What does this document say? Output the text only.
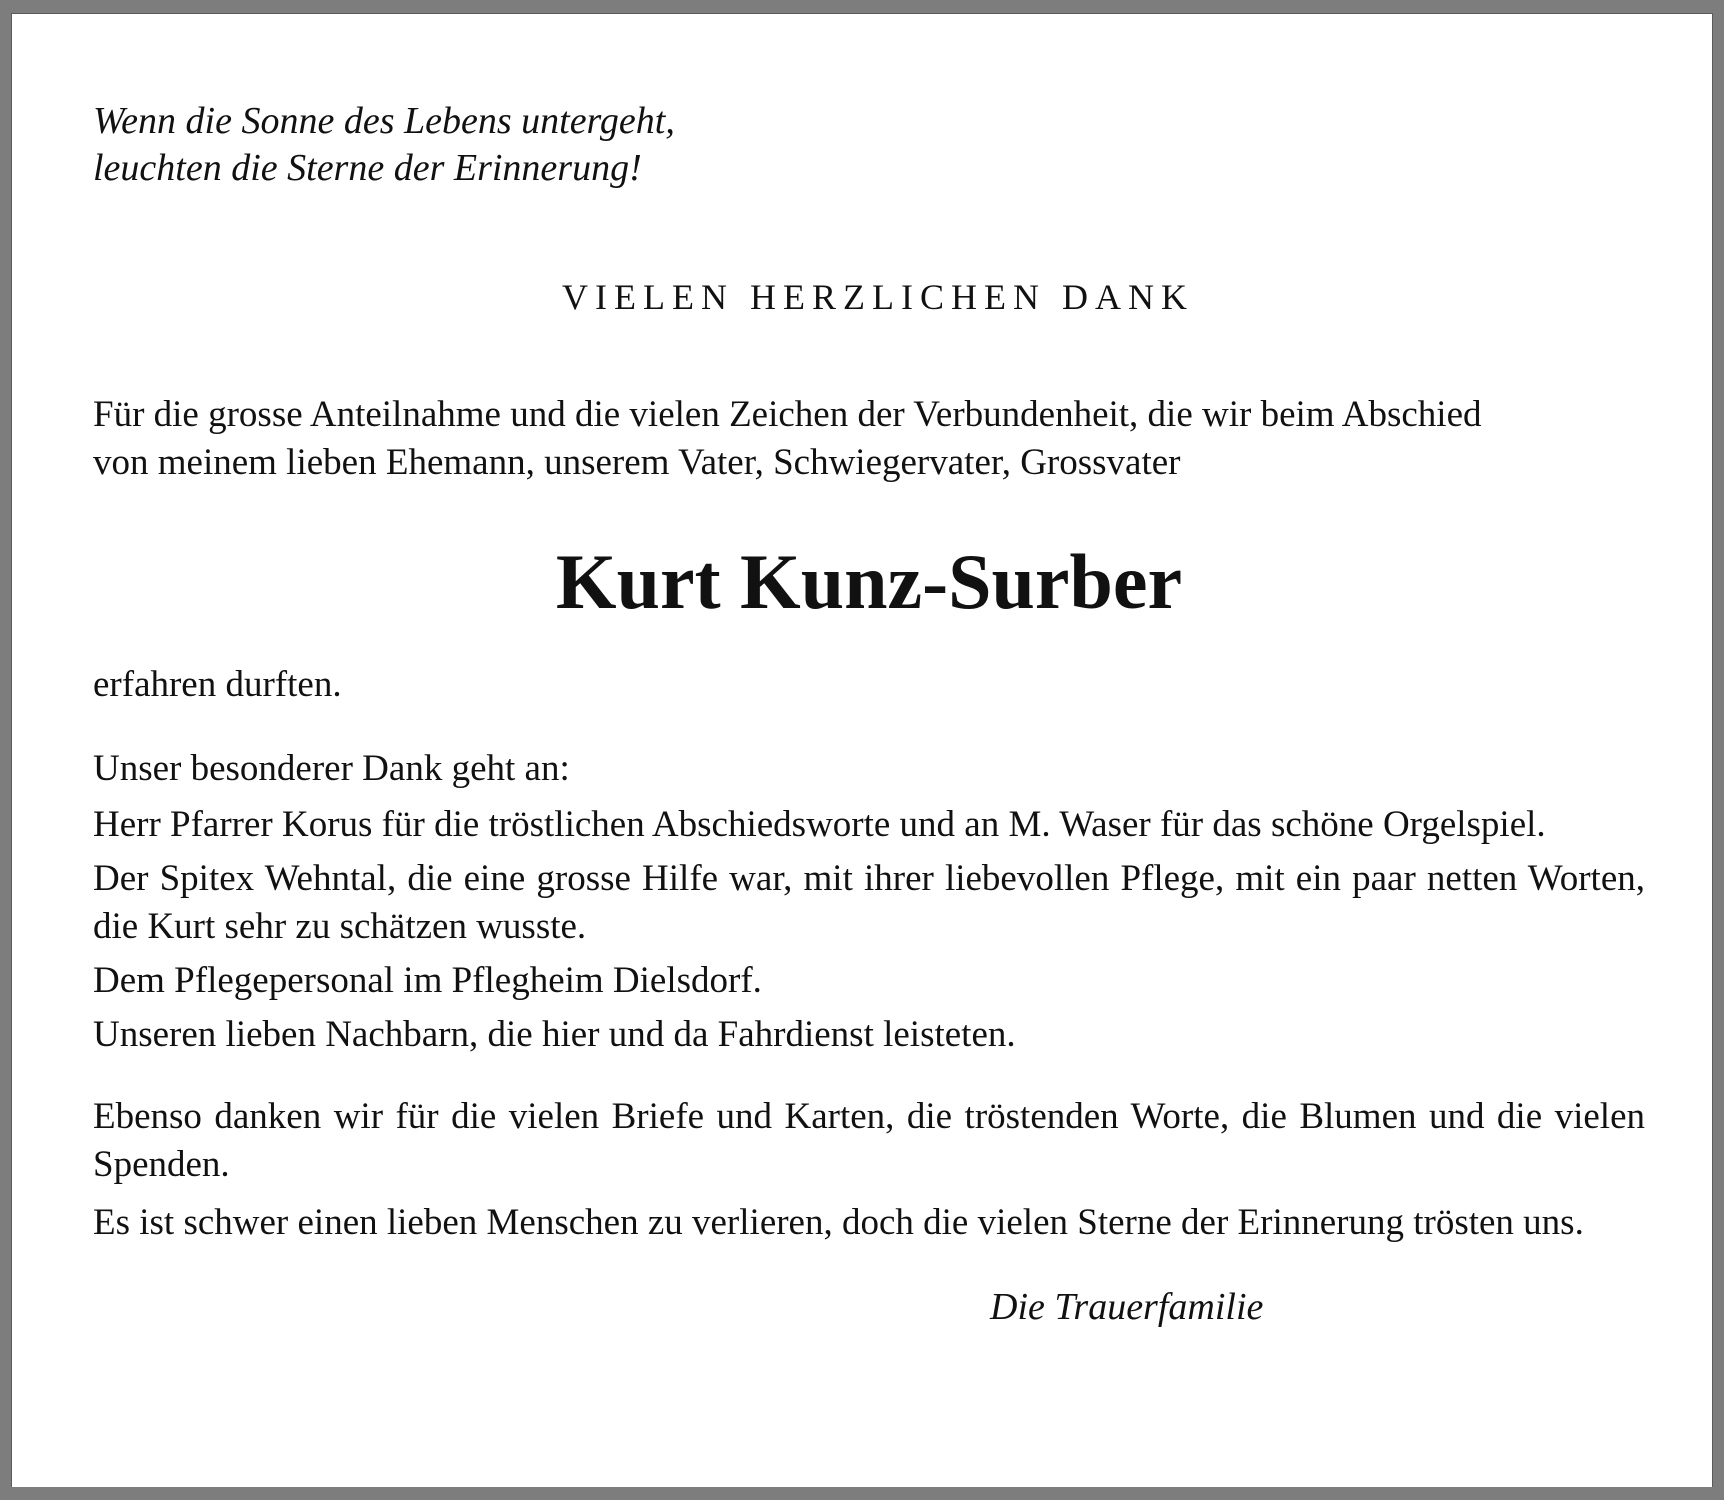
Wenn die Sonne des Lebens untergeht,
leuchten die Sterne der Erinnerung!
VIELEN HERZLICHEN DANK
Für die grosse Anteilnahme und die vielen Zeichen der Verbundenheit, die wir beim Abschied
von meinem lieben Ehemann, unserem Vater, Schwiegervater, Grossvater
Kurt Kunz-Surber
erfahren durften.
Unser besonderer Dank geht an:
Herr Pfarrer Korus für die tröstlichen Abschiedsworte und an M. Waser für das schöne Orgelspiel.
Der Spitex Wehntal, die eine grosse Hilfe war, mit ihrer liebevollen Pflege, mit ein paar netten Worten, die Kurt sehr zu schätzen wusste.
Dem Pflegepersonal im Pflegheim Dielsdorf.
Unseren lieben Nachbarn, die hier und da Fahrdienst leisteten.
Ebenso danken wir für die vielen Briefe und Karten, die tröstenden Worte, die Blumen und die vielen Spenden.
Es ist schwer einen lieben Menschen zu verlieren, doch die vielen Sterne der Erinnerung trösten uns.
Die Trauerfamilie
